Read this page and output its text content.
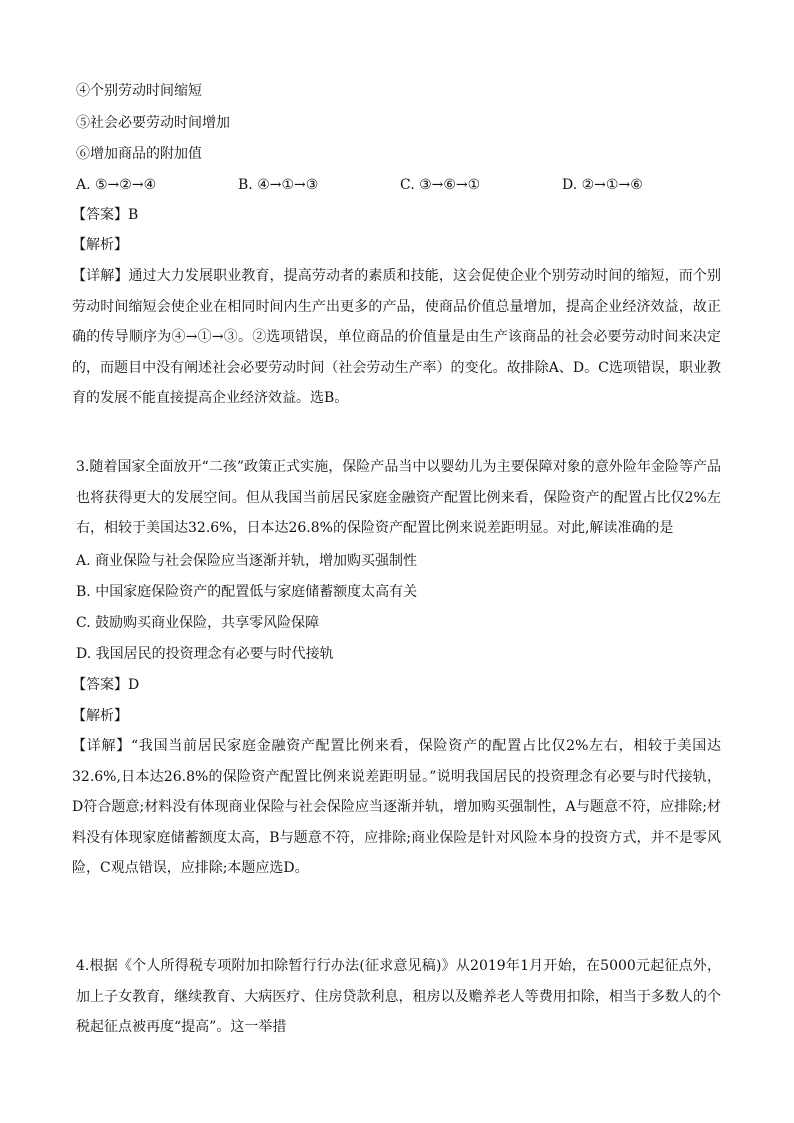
④个别劳动时间缩短
⑤社会必要劳动时间增加
⑥增加商品的附加值
A. ⑤→②→④	B. ④→①→③	C. ③→⑥→①	D. ②→①→⑥
【答案】B
【解析】
【详解】通过大力发展职业教育，提高劳动者的素质和技能，这会促使企业个别劳动时间的缩短，而个别劳动时间缩短会使企业在相同时间内生产出更多的产品，使商品价值总量增加，提高企业经济效益，故正确的传导顺序为④→①→③。②选项错误，单位商品的价值量是由生产该商品的社会必要劳动时间来决定的，而题目中没有阐述社会必要劳动时间（社会劳动生产率）的变化。故排除A、D。C选项错误，职业教育的发展不能直接提高企业经济效益。选B。
3.随着国家全面放开“二孩”政策正式实施，保险产品当中以婴幼儿为主要保障对象的意外险年金险等产品也将获得更大的发展空间。但从我国当前居民家庭金融资产配置比例来看，保险资产的配置占比仅2%左右，相较于美国达32.6%，日本达26.8%的保险资产配置比例来说差距明显。对此,解读准确的是
A. 商业保险与社会保险应当逐渐并轨，增加购买强制性
B. 中国家庭保险资产的配置低与家庭储蓄额度太高有关
C. 鼓励购买商业保险，共享零风险保障
D. 我国居民的投资理念有必要与时代接轨
【答案】D
【解析】
【详解】“我国当前居民家庭金融资产配置比例来看，保险资产的配置占比仅2%左右，相较于美国达32.6%,日本达26.8%的保险资产配置比例来说差距明显。”说明我国居民的投资理念有必要与时代接轨，D符合题意;材料没有体现商业保险与社会保险应当逐渐并轨，增加购买强制性，A与题意不符，应排除;材料没有体现家庭储蓄额度太高，B与题意不符，应排除;商业保险是针对风险本身的投资方式，并不是零风险，C观点错误，应排除;本题应选D。
4.根据《个人所得税专项附加扣除暂行行办法(征求意见稿)》从2019年1月开始，在5000元起征点外，加上子女教育，继续教育、大病医疗、住房贷款利息，租房以及赡养老人等费用扣除，相当于多数人的个税起征点被再度“提高”。这一举措
